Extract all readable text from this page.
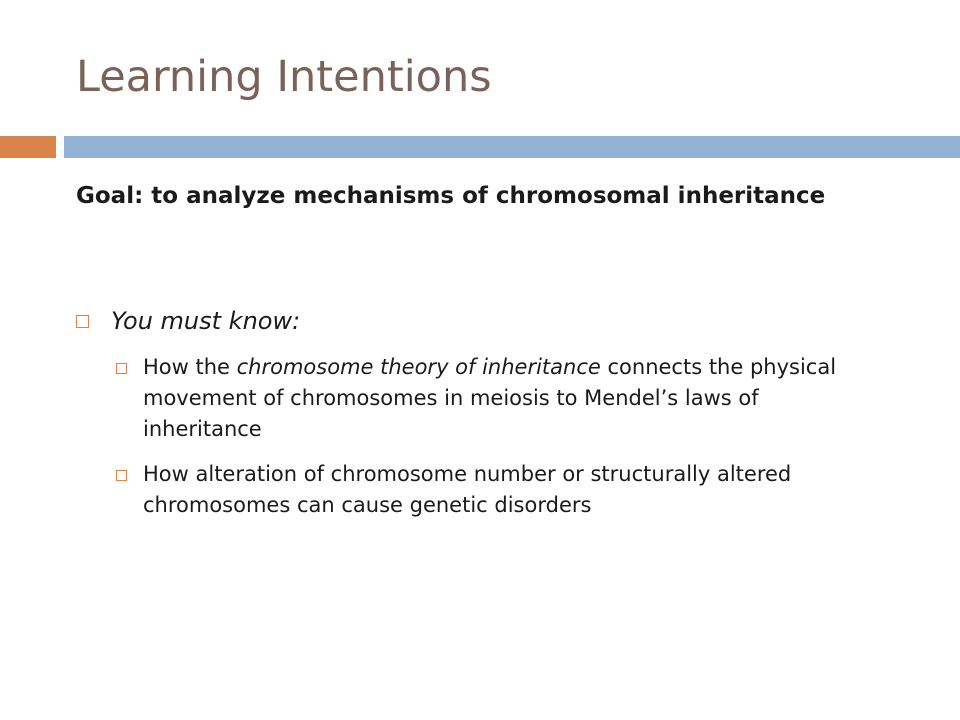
Learning Intentions
Goal: to analyze mechanisms of chromosomal inheritance
You must know:
How the chromosome theory of inheritance connects the physical movement of chromosomes in meiosis to Mendel’s laws of inheritance
How alteration of chromosome number or structurally altered chromosomes can cause genetic disorders
